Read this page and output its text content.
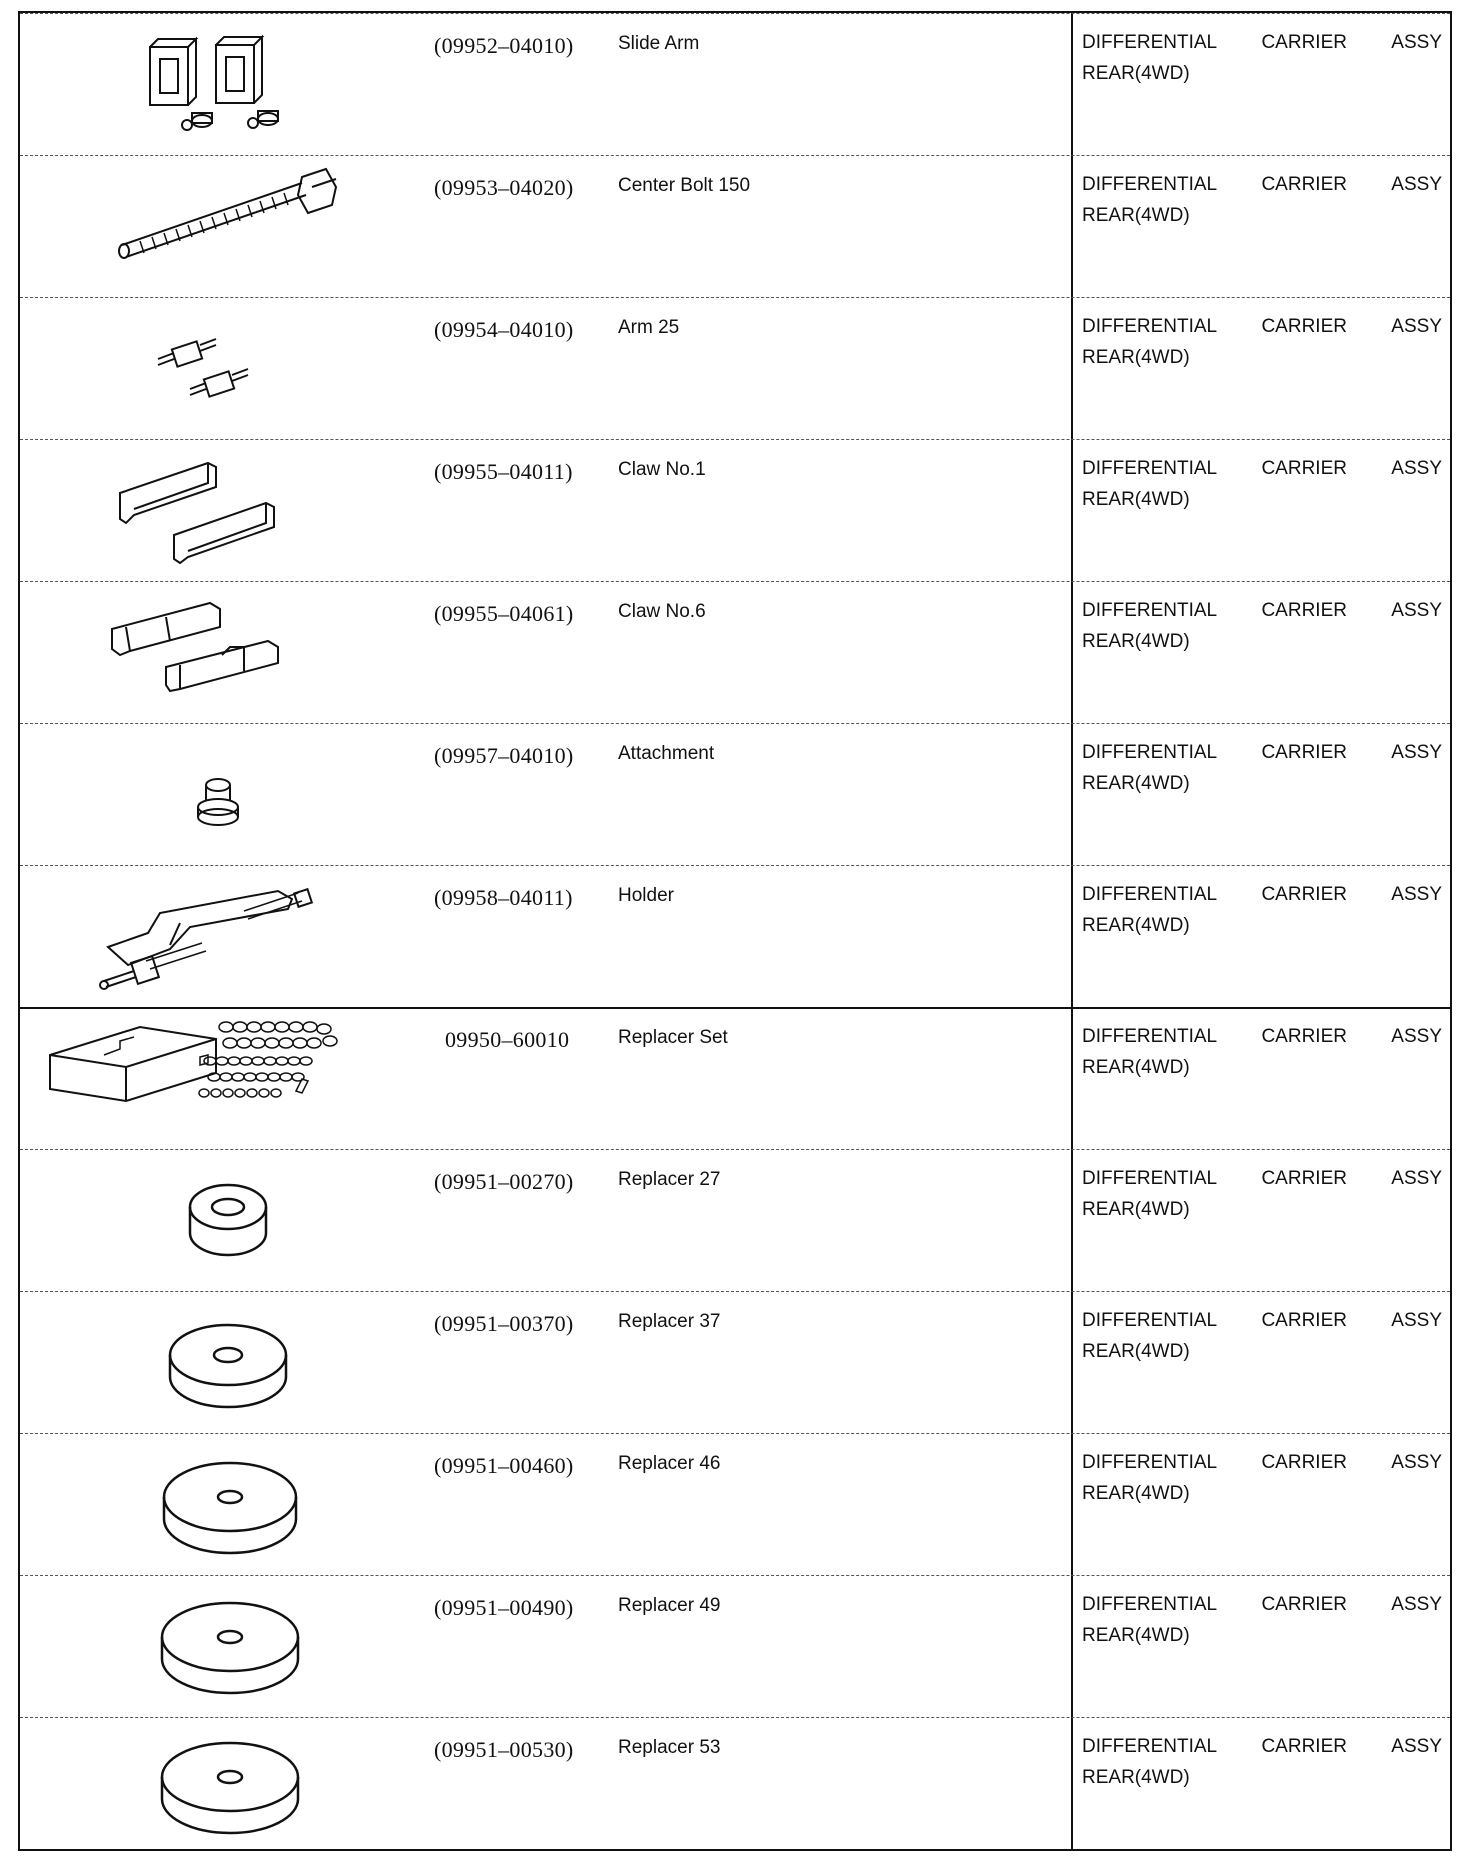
(09952–04010)	Slide Arm	DIFFERENTIAL CARRIER ASSY
REAR(4WD)
(09953–04020)	Center Bolt 150	DIFFERENTIAL CARRIER ASSY
REAR(4WD)
(09954–04010)	Arm 25	DIFFERENTIAL CARRIER ASSY
REAR(4WD)
(09955–04011)	Claw No.1	DIFFERENTIAL CARRIER ASSY
REAR(4WD)
(09955–04061)	Claw No.6	DIFFERENTIAL CARRIER ASSY
REAR(4WD)
(09957–04010)	Attachment	DIFFERENTIAL CARRIER ASSY
REAR(4WD)
(09958–04011)	Holder	DIFFERENTIAL CARRIER ASSY
REAR(4WD)
09950–60010	Replacer Set	DIFFERENTIAL CARRIER ASSY
REAR(4WD)
(09951–00270)	Replacer 27	DIFFERENTIAL CARRIER ASSY
REAR(4WD)
(09951–00370)	Replacer 37	DIFFERENTIAL CARRIER ASSY
REAR(4WD)
(09951–00460)	Replacer 46	DIFFERENTIAL CARRIER ASSY
REAR(4WD)
(09951–00490)	Replacer 49	DIFFERENTIAL CARRIER ASSY
REAR(4WD)
(09951–00530)	Replacer 53	DIFFERENTIAL CARRIER ASSY
REAR(4WD)
